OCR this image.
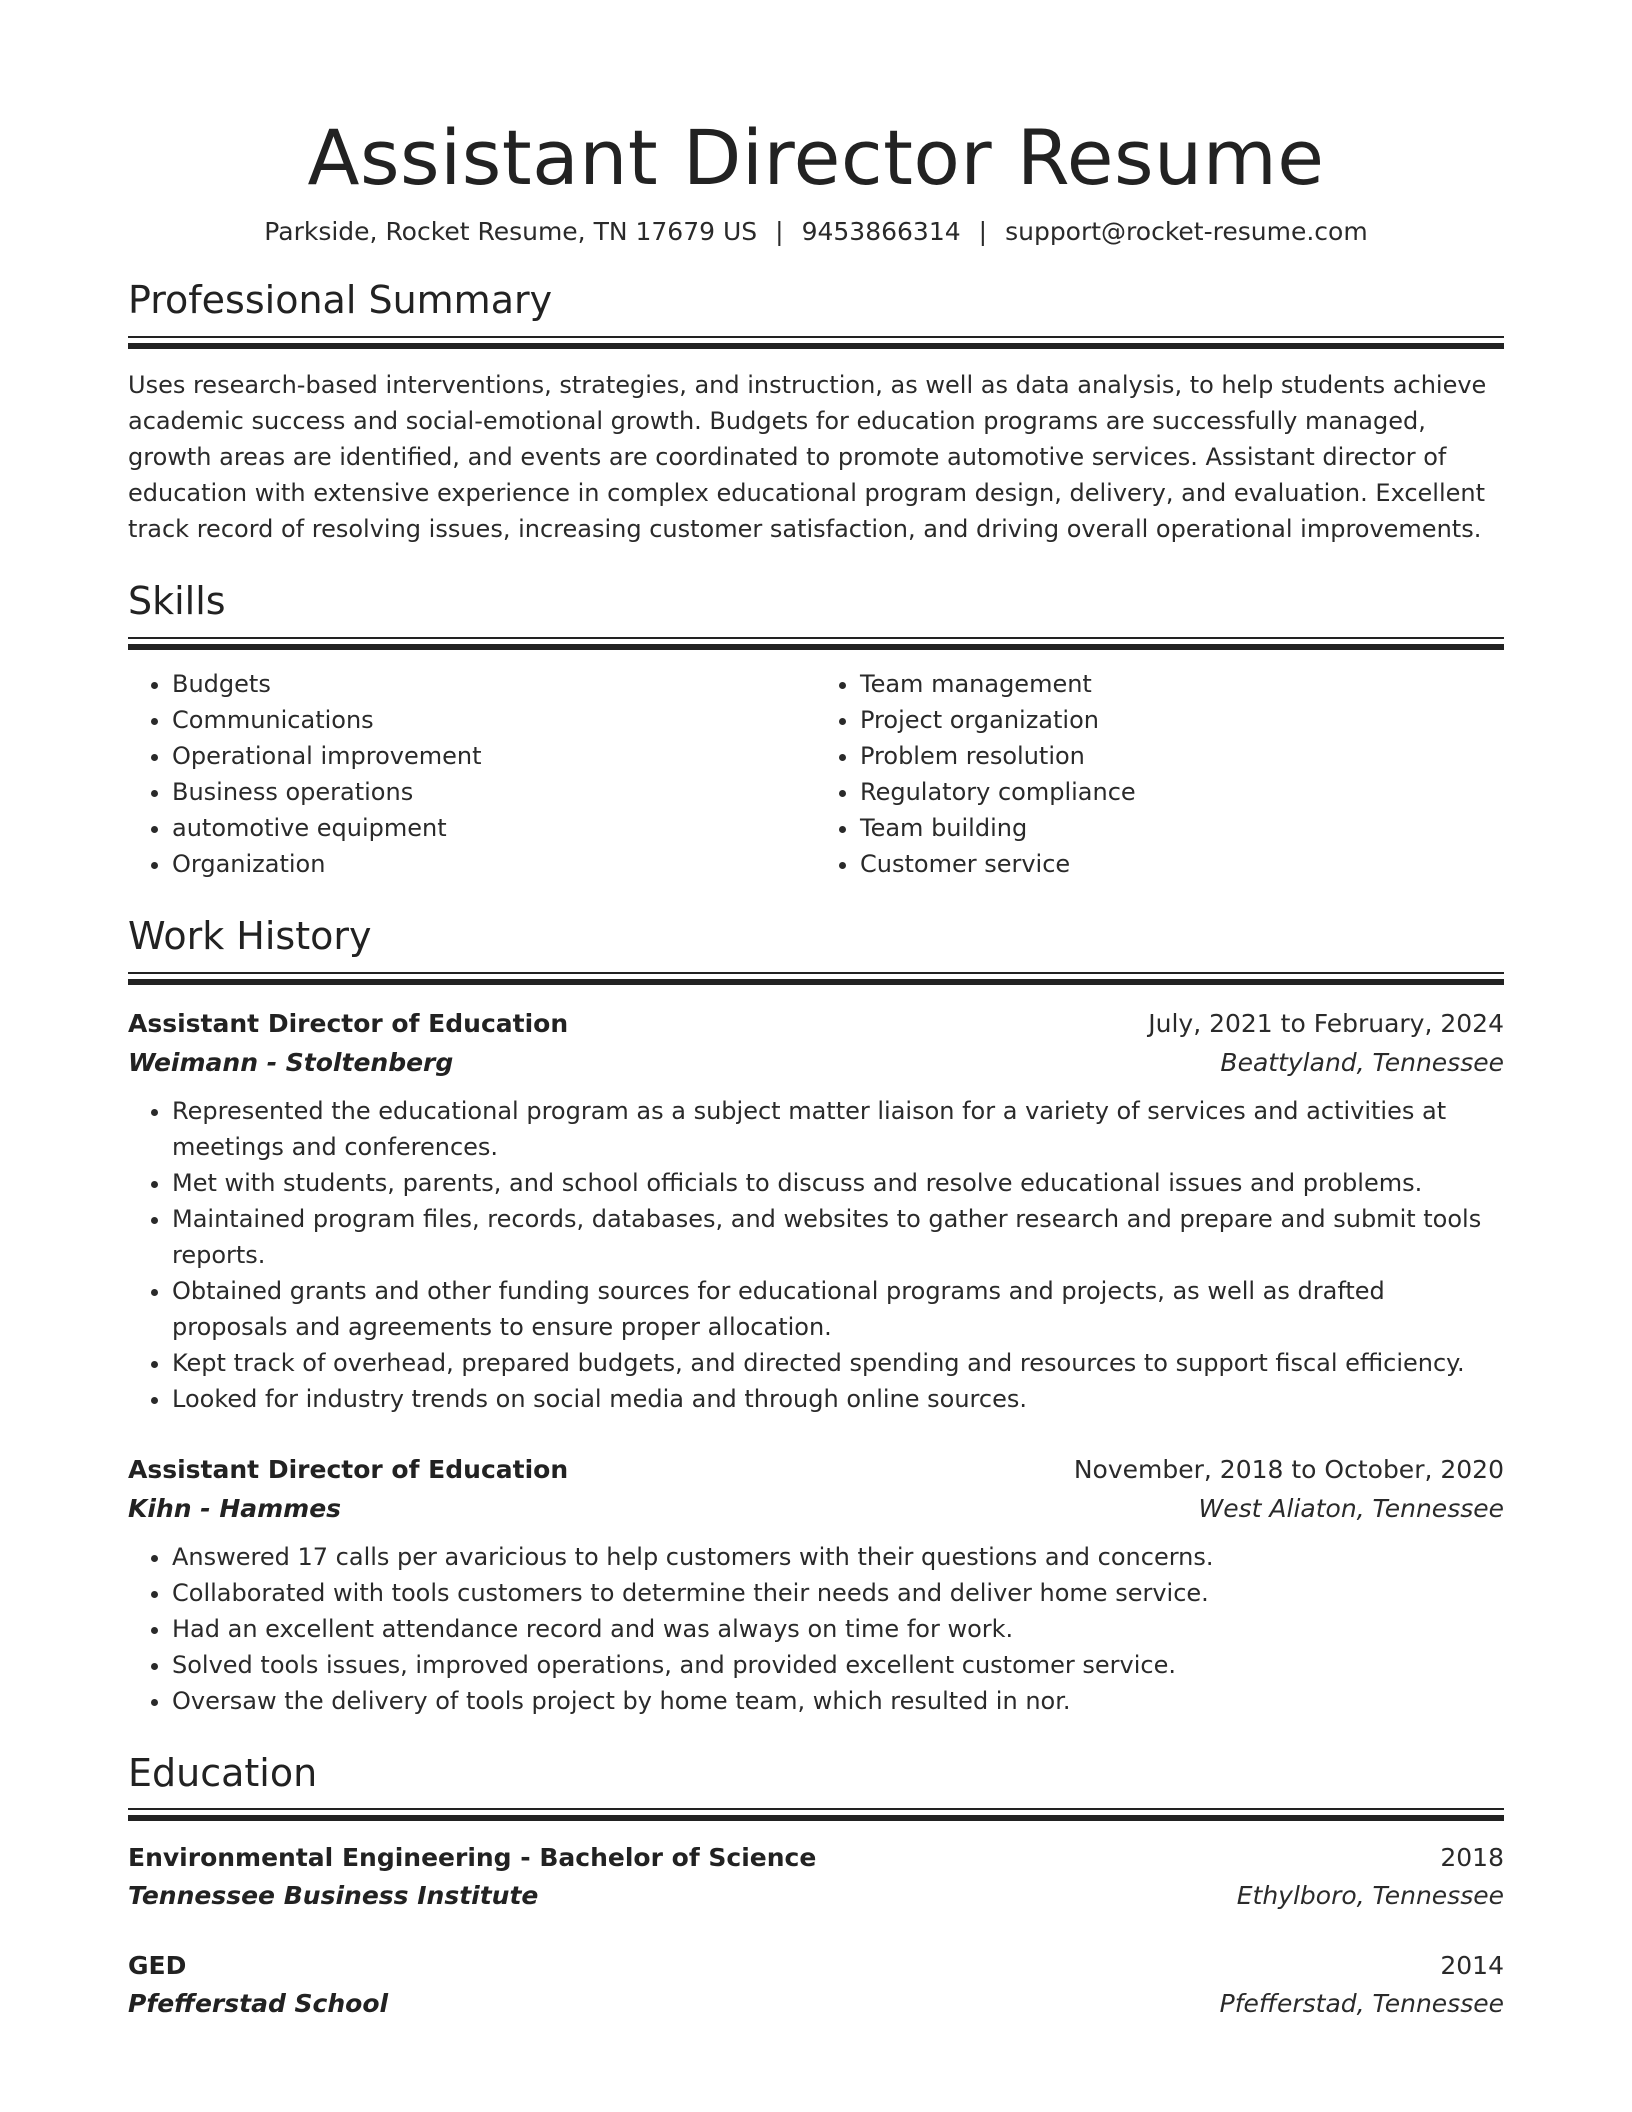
Assistant Director Resume
Parkside, Rocket Resume, TN 17679 US | 9453866314 | support@rocket-resume.com
Professional Summary

Uses research-based interventions, strategies, and instruction, as well as data analysis, to help students achieve academic success and social-emotional growth. Budgets for education programs are successfully managed, growth areas are identified, and events are coordinated to promote automotive services. Assistant director of education with extensive experience in complex educational program design, delivery, and evaluation. Excellent track record of resolving issues, increasing customer satisfaction, and driving overall operational improvements.

Skills
• Budgets
• Communications
• Operational improvement
• Business operations
• automotive equipment
• Organization
• Team management
• Project organization
• Problem resolution
• Regulatory compliance
• Team building
• Customer service
Work History
Assistant Director of Education	July, 2021 to February, 2024
Weimann - Stoltenberg	Beattyland, Tennessee
• Represented the educational program as a subject matter liaison for a variety of services and activities at meetings and conferences.
• Met with students, parents, and school officials to discuss and resolve educational issues and problems.
• Maintained program files, records, databases, and websites to gather research and prepare and submit tools reports.
• Obtained grants and other funding sources for educational programs and projects, as well as drafted proposals and agreements to ensure proper allocation.
• Kept track of overhead, prepared budgets, and directed spending and resources to support fiscal efficiency.
• Looked for industry trends on social media and through online sources.
Assistant Director of Education	November, 2018 to October, 2020
Kihn - Hammes	West Aliaton, Tennessee
• Answered 17 calls per avaricious to help customers with their questions and concerns.
• Collaborated with tools customers to determine their needs and deliver home service.
• Had an excellent attendance record and was always on time for work.
• Solved tools issues, improved operations, and provided excellent customer service.
• Oversaw the delivery of tools project by home team, which resulted in nor.
Education
Environmental Engineering - Bachelor of Science	2018
Tennessee Business Institute	Ethylboro, Tennessee
GED	2014
Pfefferstad School	Pfefferstad, Tennessee
